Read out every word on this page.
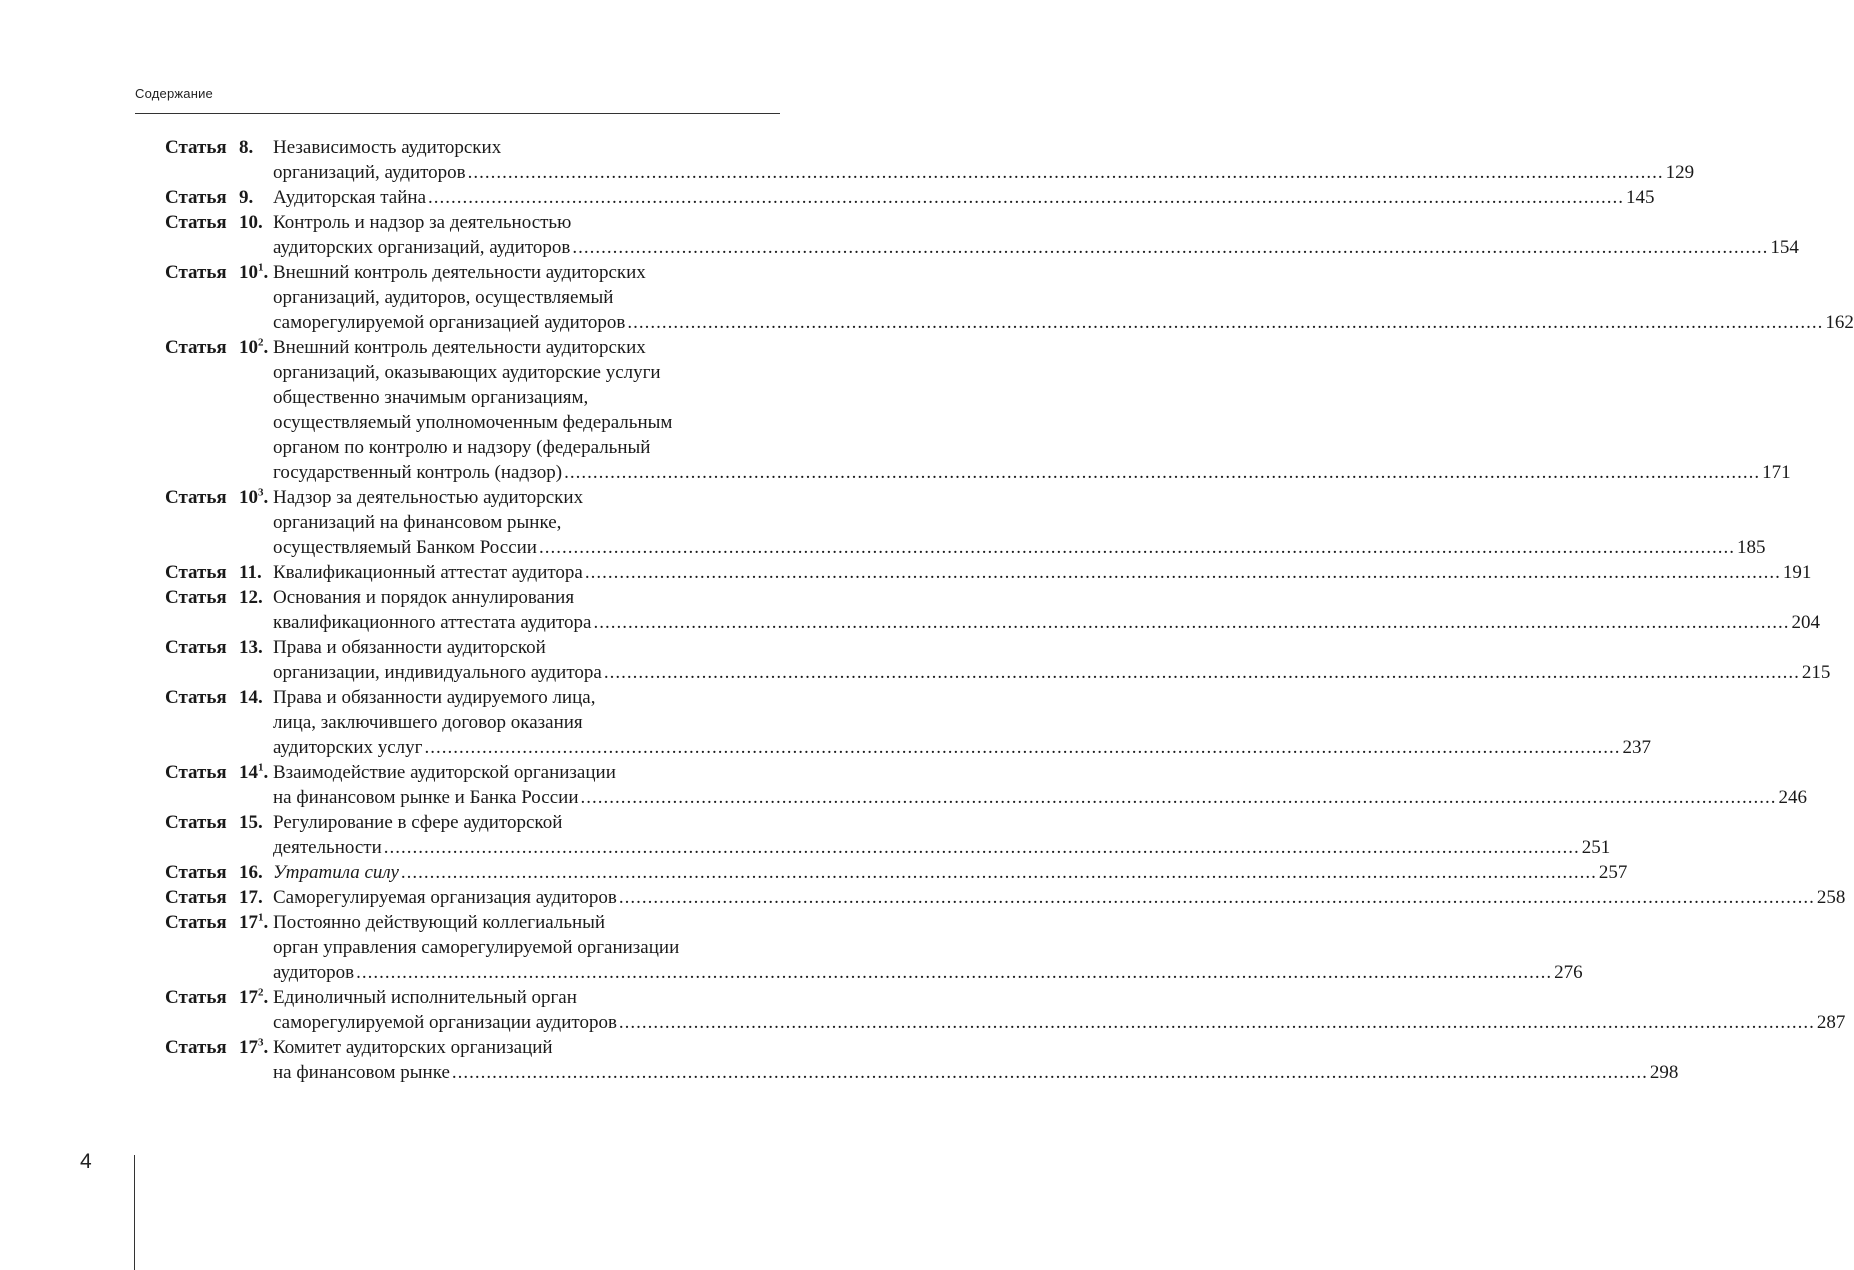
Содержание
Статья 8.	Независимость аудиторских
организаций, аудиторов .....	129
Статья 9.	Аудиторская тайна .....	145
Статья 10. Контроль и надзор за деятельностью
аудиторских организаций, аудиторов .....	154
Статья $10^1$. Внешний контроль деятельности аудиторских
организаций, аудиторов, осуществляемый
саморегулируемой организацией аудиторов .....	162
Статья $10^2$. Внешний контроль деятельности аудиторских
организаций, оказывающих аудиторские услуги
общественно значимым организациям,
осуществляемый уполномоченным федеральным
органом по контролю и надзору (федеральный
государственный контроль (надзор) .....	171
Статья $10^3$. Надзор за деятельностью аудиторских
организаций на финансовом рынке,
осуществляемый Банком России .....	185
Статья 11. Квалификационный аттестат аудитора .....	191
Статья 12. Основания и порядок аннулирования
квалификационного аттестата аудитора .....	204
Статья 13. Права и обязанности аудиторской
организации, индивидуального аудитора .....	215
Статья 14. Права и обязанности аудируемого лица,
лица, заключившего договор оказания
аудиторских услуг .....	237
Статья $14^1$. Взаимодействие аудиторской организации
на финансовом рынке и Банка России .....	246
Статья 15. Регулирование в сфере аудиторской
деятельности .....	251
Статья 16. Утратила силу .....	257
Статья 17. Саморегулируемая организация аудиторов .....	258
Статья $17^1$. Постоянно действующий коллегиальный
орган управления саморегулируемой организации
аудиторов .....	276
Статья $17^2$. Единоличный исполнительный орган
саморегулируемой организации аудиторов .....	287
Статья $17^3$. Комитет аудиторских организаций
на финансовом рынке .....	298
4
